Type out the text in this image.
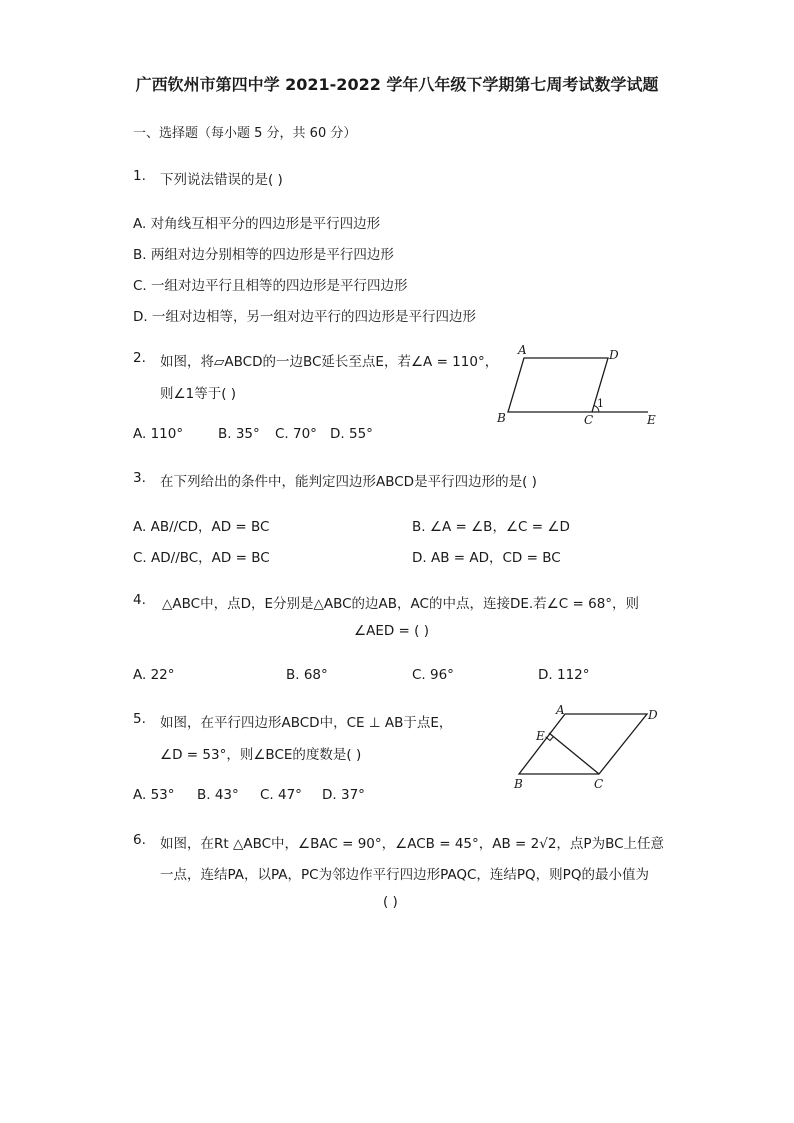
广西钦州市第四中学 2021-2022 学年八年级下学期第七周考试数学试题
一、选择题（每小题 5 分，共 60 分）
1. 下列说法错误的是( )
A. 对角线互相平分的四边形是平行四边形
B. 两组对边分别相等的四边形是平行四边形
C. 一组对边平行且相等的四边形是平行四边形
D. 一组对边相等，另一组对边平行的四边形是平行四边形
2. 如图，将▱ABCD的一边BC延长至点E，若∠A = 110°，
则∠1等于( )
A. 110°	B. 35° C. 70° D. 55°
A	D
B	C	E
1
3. 在下列给出的条件中，能判定四边形ABCD是平行四边形的是( )
A. AB//CD，AD = BC	B. ∠A = ∠B，∠C = ∠D
C. AD//BC，AD = BC	D. AB = AD，CD = BC
4. △ABC中，点D，E分别是△ABC的边AB，AC的中点，连接DE.若∠C = 68°，则
∠AED = ( )
A. 22°	B. 68°	C. 96°	D. 112°
5. 如图，在平行四边形ABCD中，CE ⊥ AB于点E，
∠D = 53°，则∠BCE的度数是( )
A. 53° B. 43° C. 47° D. 37°
A	D
E
B	C
6. 如图，在Rt △ABC中，∠BAC = 90°，∠ACB = 45°，AB = 2√2，点P为BC上任意
一点，连结PA，以PA，PC为邻边作平行四边形PAQC，连结PQ，则PQ的最小值为
( )
